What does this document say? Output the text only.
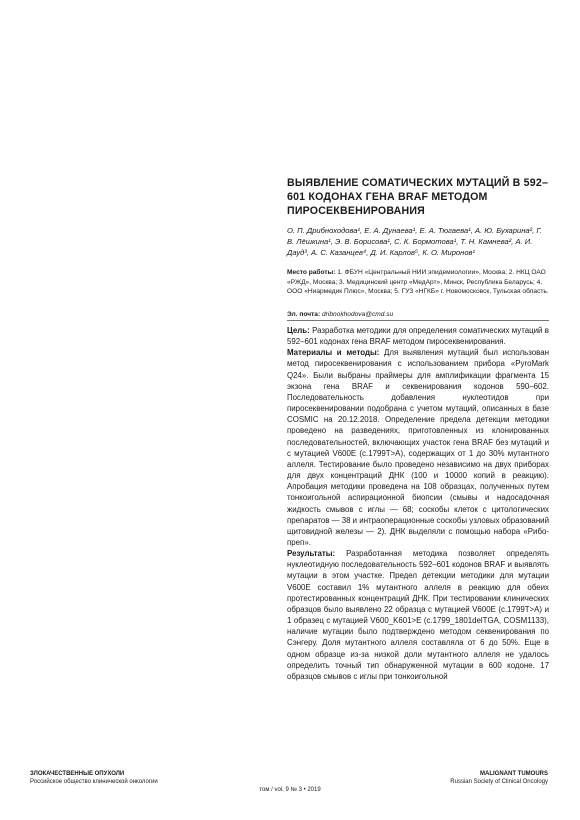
ВЫЯВЛЕНИЕ СОМАТИЧЕСКИХ МУТАЦИЙ В 592–601 КОДОНАХ ГЕНА BRAF МЕТОДОМ ПИРОСЕКВЕНИРОВАНИЯ

О. П. Дрибноходова¹, Е. А. Дунаева¹, Е. А. Тюгаева¹, А. Ю. Бухарина², Г. В. Лёшкина¹, Э. В. Борисова¹, С. К. Бормотова¹, Т. Н. Камнева², А. И. Дауд³, А. С. Казанцев⁴, Д. И. Карлов⁵, К. О. Миронов¹

Место работы: 1. ФБУН «Центральный НИИ эпидемиологии», Москва; 2. НКЦ ОАО «РЖД», Москва; 3. Медицинский центр «МедАрт», Минск, Республика Беларусь; 4. ООО «Ниармедик Плюс», Москва; 5. ГУЗ «НГКБ» г. Новомосковск, Тульская область.

Эл. почта: dribnokhodova@cmd.su

Цель: Разработка методики для определения соматических мутаций в 592–601 кодонах гена BRAF методом пиросеквенирования.

Материалы и методы: Для выявления мутаций был использован метод пиросеквенирования с использованием прибора «PyroMark Q24». Были выбраны праймеры для амплификации фрагмента 15 экзона гена BRAF и секвенирования кодонов 590–602. Последовательность добавления нуклеотидов при пиросеквенировании подобрана с учетом мутаций, описанных в базе COSMIC на 20.12.2018. Определение предела детекции методики проведено на разведениях, приготовленных из клонированных последовательностей, включающих участок гена BRAF без мутаций и с мутацией V600E (c.1799T>A), содержащих от 1 до 30% мутантного аллеля. Тестирование было проведено независимо на двух приборах для двух концентраций ДНК (100 и 10000 копий в реакцию). Апробация методики проведена на 108 образцах, полученных путем тонкоигольной аспирационной биопсии (смывы и надосадочная жидкость смывов с иглы — 68; соскобы клеток с цитологических препаратов — 38 и интраоперационные соскобы узловых образований щитовидной железы — 2). ДНК выделяли с помощью набора «Рибо-преп».

Результаты: Разработанная методика позволяет определять нуклеотидную последовательность 592–601 кодонов BRAF и выявлять мутации в этом участке. Предел детекции методики для мутации V600E составил 1% мутантного аллеля в реакцию для обеих протестированных концентраций ДНК. При тестировании клинических образцов было выявлено 22 образца с мутацией V600E (c.1799T>A) и 1 образец с мутацией V600_K601>E (c.1799_1801delTGA, COSM1133), наличие мутации было подтверждено методом секвенирования по Сэнгеру. Доля мутантного аллеля составляла от 6 до 50%. Еще в одном образце из-за низкой доли мутантного аллеля не удалось определить точный тип обнаруженной мутации в 600 кодоне. 17 образцов смывов с иглы при тонкоигольной

ЗЛОКАЧЕСТВЕННЫЕ ОПУХОЛИ
Российское общество клинической онкологии
том / vol. 9 № 3 • 2019
MALIGNANT TUMOURS
Russian Society of Clinical Oncology
